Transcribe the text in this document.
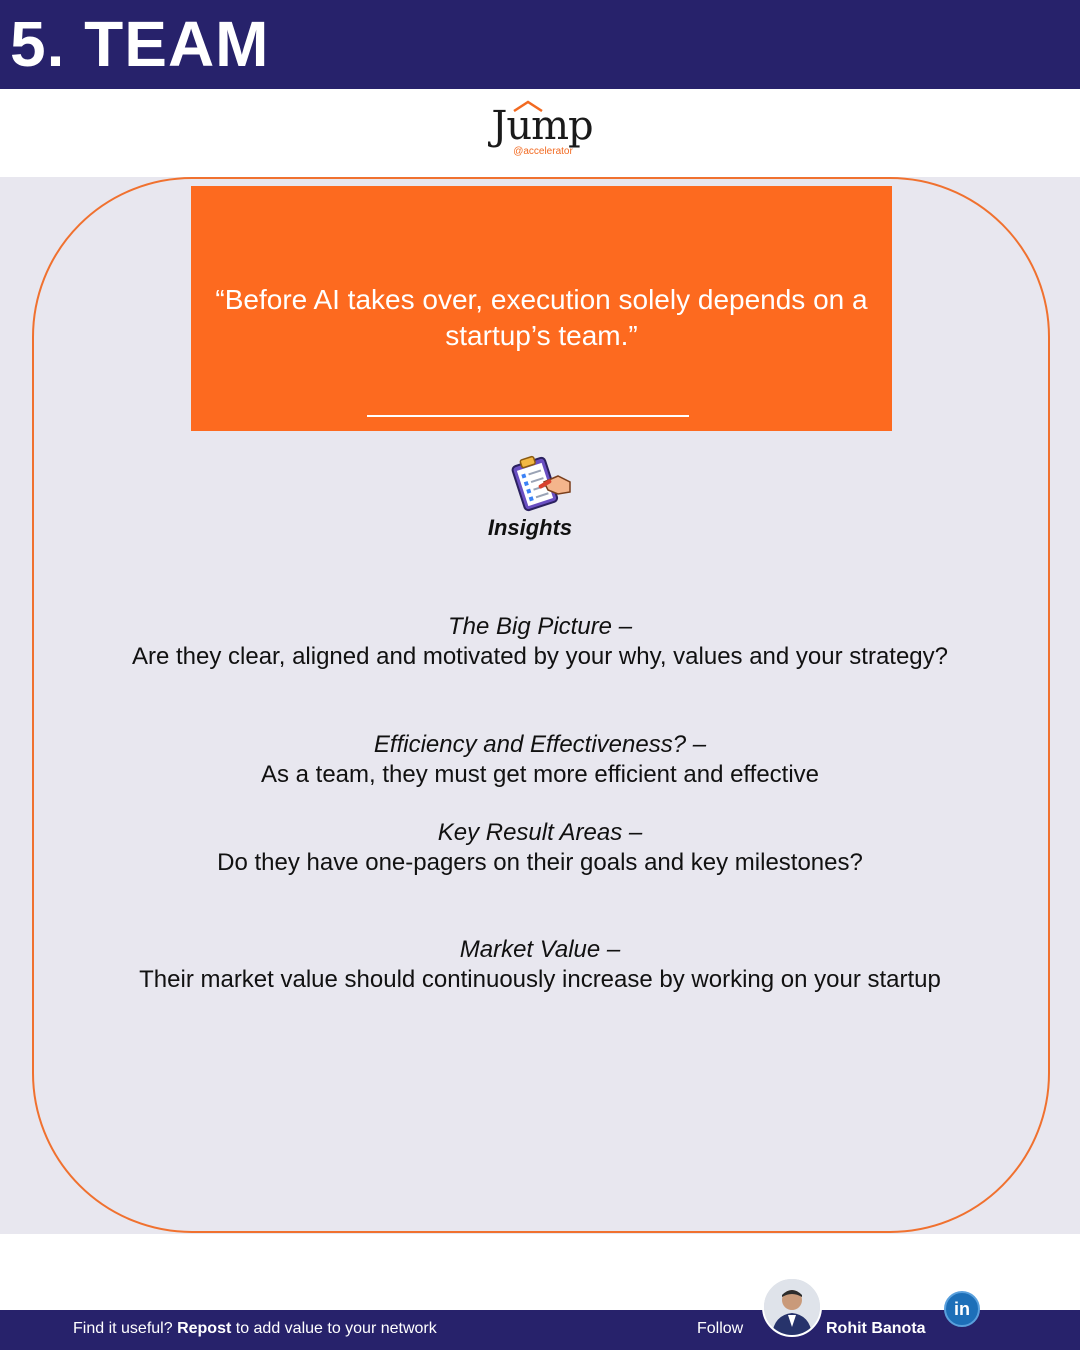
5. TEAM
Jump
@accelerator
“Before AI takes over, execution solely depends on a startup’s team.”
Insights
The Big Picture –
Are they clear, aligned and motivated by your why, values and your strategy?
Efficiency and Effectiveness? –
As a team, they must get more efficient and effective
Key Result Areas –
Do they have one-pagers on their goals and key milestones?
Market Value –
Their market value should continuously increase by working on your startup
Find it useful? Repost to add value to your network	Follow	Rohit Banota
in
